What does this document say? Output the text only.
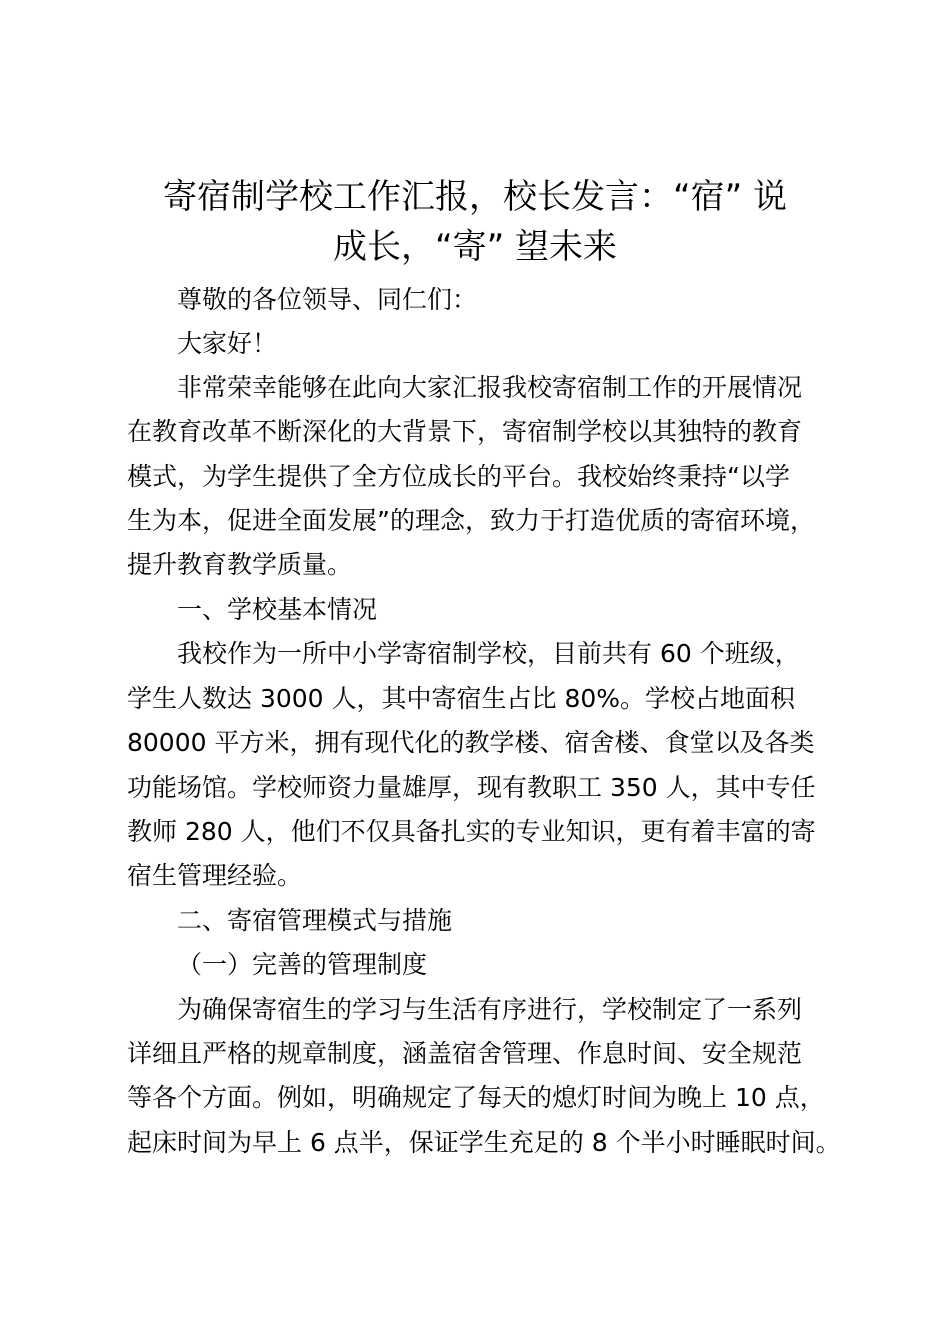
寄宿制学校工作汇报，校长发言：“宿” 说
成长，“寄” 望未来

尊敬的各位领导、同仁们：

大家好！

非常荣幸能够在此向大家汇报我校寄宿制工作的开展情况

在教育改革不断深化的大背景下，寄宿制学校以其独特的教育

模式，为学生提供了全方位成长的平台。我校始终秉持“以学

生为本，促进全面发展”的理念，致力于打造优质的寄宿环境，

提升教育教学质量。

一、学校基本情况

我校作为一所中小学寄宿制学校，目前共有 60 个班级，

学生人数达 3000 人，其中寄宿生占比 80%。学校占地面积

80000 平方米，拥有现代化的教学楼、宿舍楼、食堂以及各类

功能场馆。学校师资力量雄厚，现有教职工 350 人，其中专任

教师 280 人，他们不仅具备扎实的专业知识，更有着丰富的寄

宿生管理经验。

二、寄宿管理模式与措施

（一）完善的管理制度

为确保寄宿生的学习与生活有序进行，学校制定了一系列

详细且严格的规章制度，涵盖宿舍管理、作息时间、安全规范

等各个方面。例如，明确规定了每天的熄灯时间为晚上 10 点，

起床时间为早上 6 点半，保证学生充足的 8 个半小时睡眠时间。
